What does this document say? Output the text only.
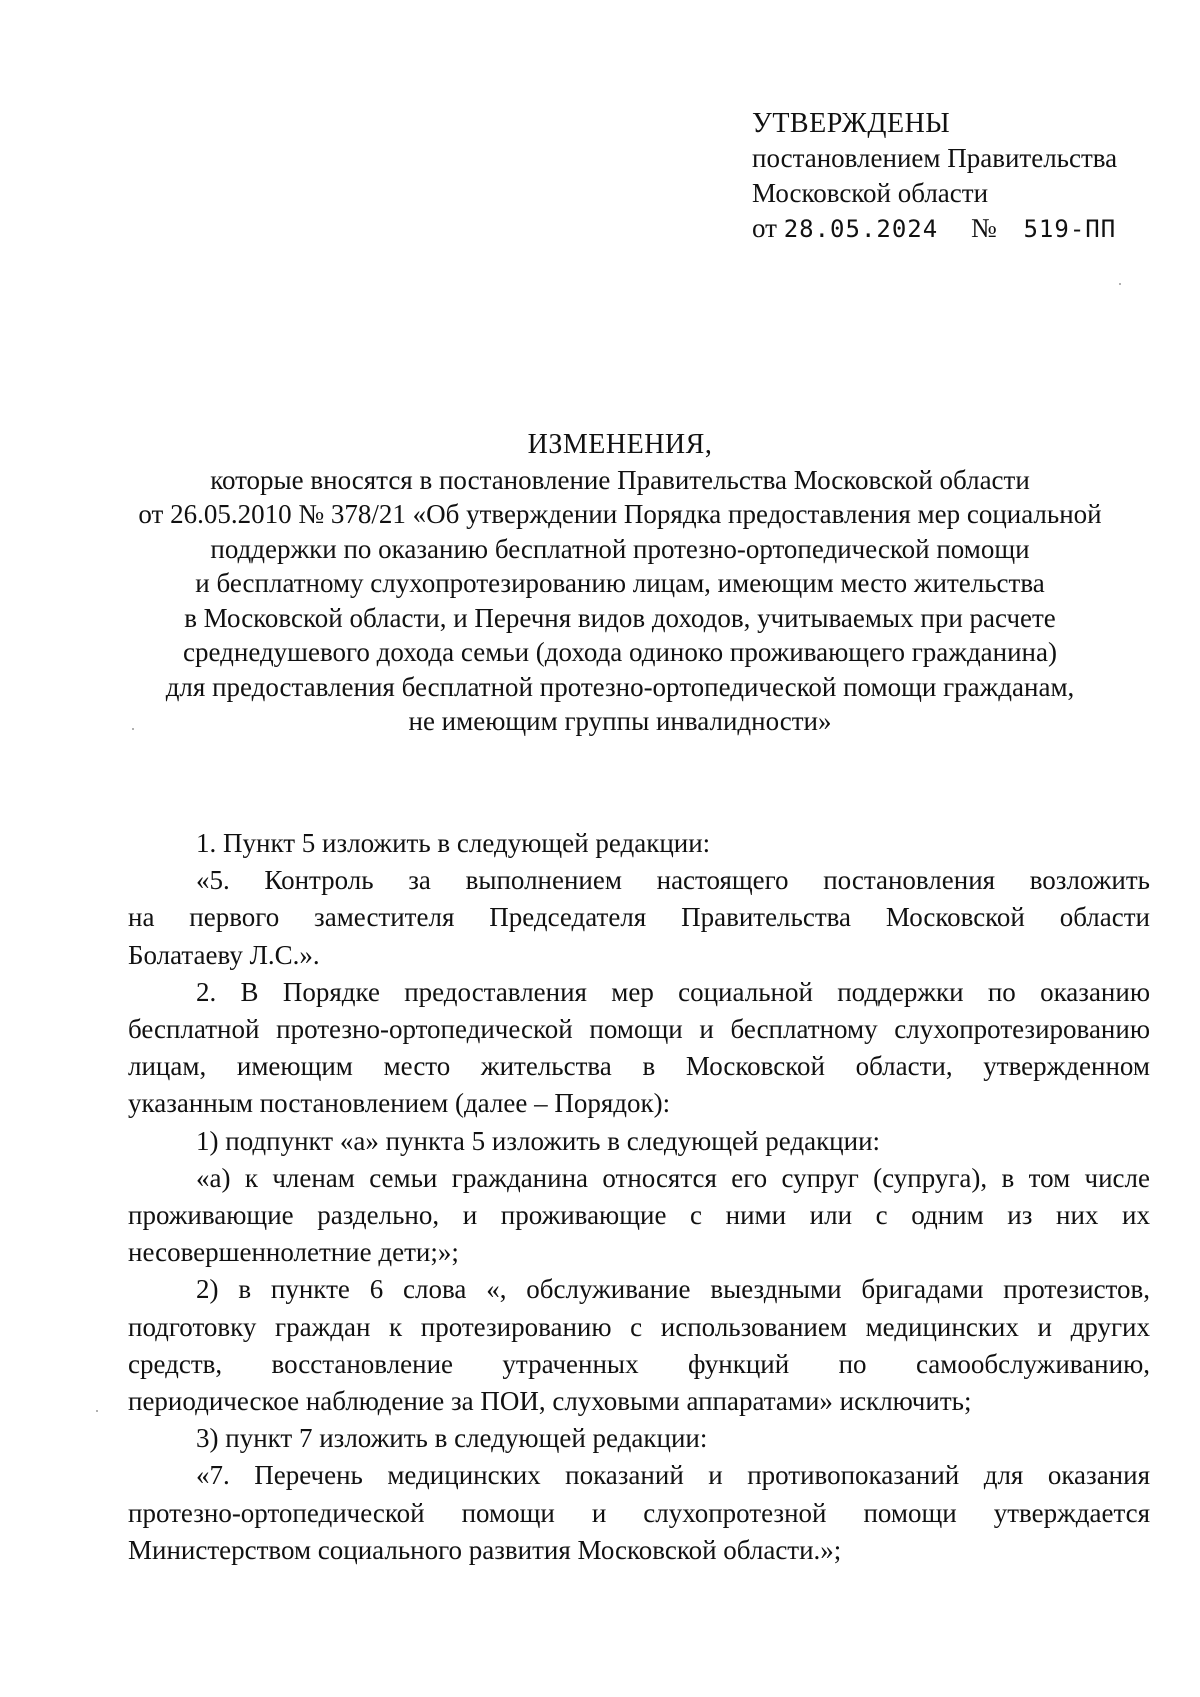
УТВЕРЖДЕНЫ
постановлением Правительства
Московской области
от 28.05.2024 № 519-ПП
ИЗМЕНЕНИЯ,
которые вносятся в постановление Правительства Московской области
от 26.05.2010 № 378/21 «Об утверждении Порядка предоставления мер социальной
поддержки по оказанию бесплатной протезно-ортопедической помощи
и бесплатному слухопротезированию лицам, имеющим место жительства
в Московской области, и Перечня видов доходов, учитываемых при расчете
среднедушевого дохода семьи (дохода одиноко проживающего гражданина)
для предоставления бесплатной протезно-ортопедической помощи гражданам,
не имеющим группы инвалидности»
1. Пункт 5 изложить в следующей редакции:
«5. Контроль за выполнением настоящего постановления возложить
на первого заместителя Председателя Правительства Московской области
Болатаеву Л.С.».
2. В Порядке предоставления мер социальной поддержки по оказанию
бесплатной протезно-ортопедической помощи и бесплатному слухопротезированию
лицам, имеющим место жительства в Московской области, утвержденном
указанным постановлением (далее – Порядок):
1) подпункт «а» пункта 5 изложить в следующей редакции:
«а) к членам семьи гражданина относятся его супруг (супруга), в том числе
проживающие раздельно, и проживающие с ними или с одним из них их
несовершеннолетние дети;»;
2) в пункте 6 слова «, обслуживание выездными бригадами протезистов,
подготовку граждан к протезированию с использованием медицинских и других
средств, восстановление утраченных функций по самообслуживанию,
периодическое наблюдение за ПОИ, слуховыми аппаратами» исключить;
3) пункт 7 изложить в следующей редакции:
«7. Перечень медицинских показаний и противопоказаний для оказания
протезно-ортопедической помощи и слухопротезной помощи утверждается
Министерством социального развития Московской области.»;
